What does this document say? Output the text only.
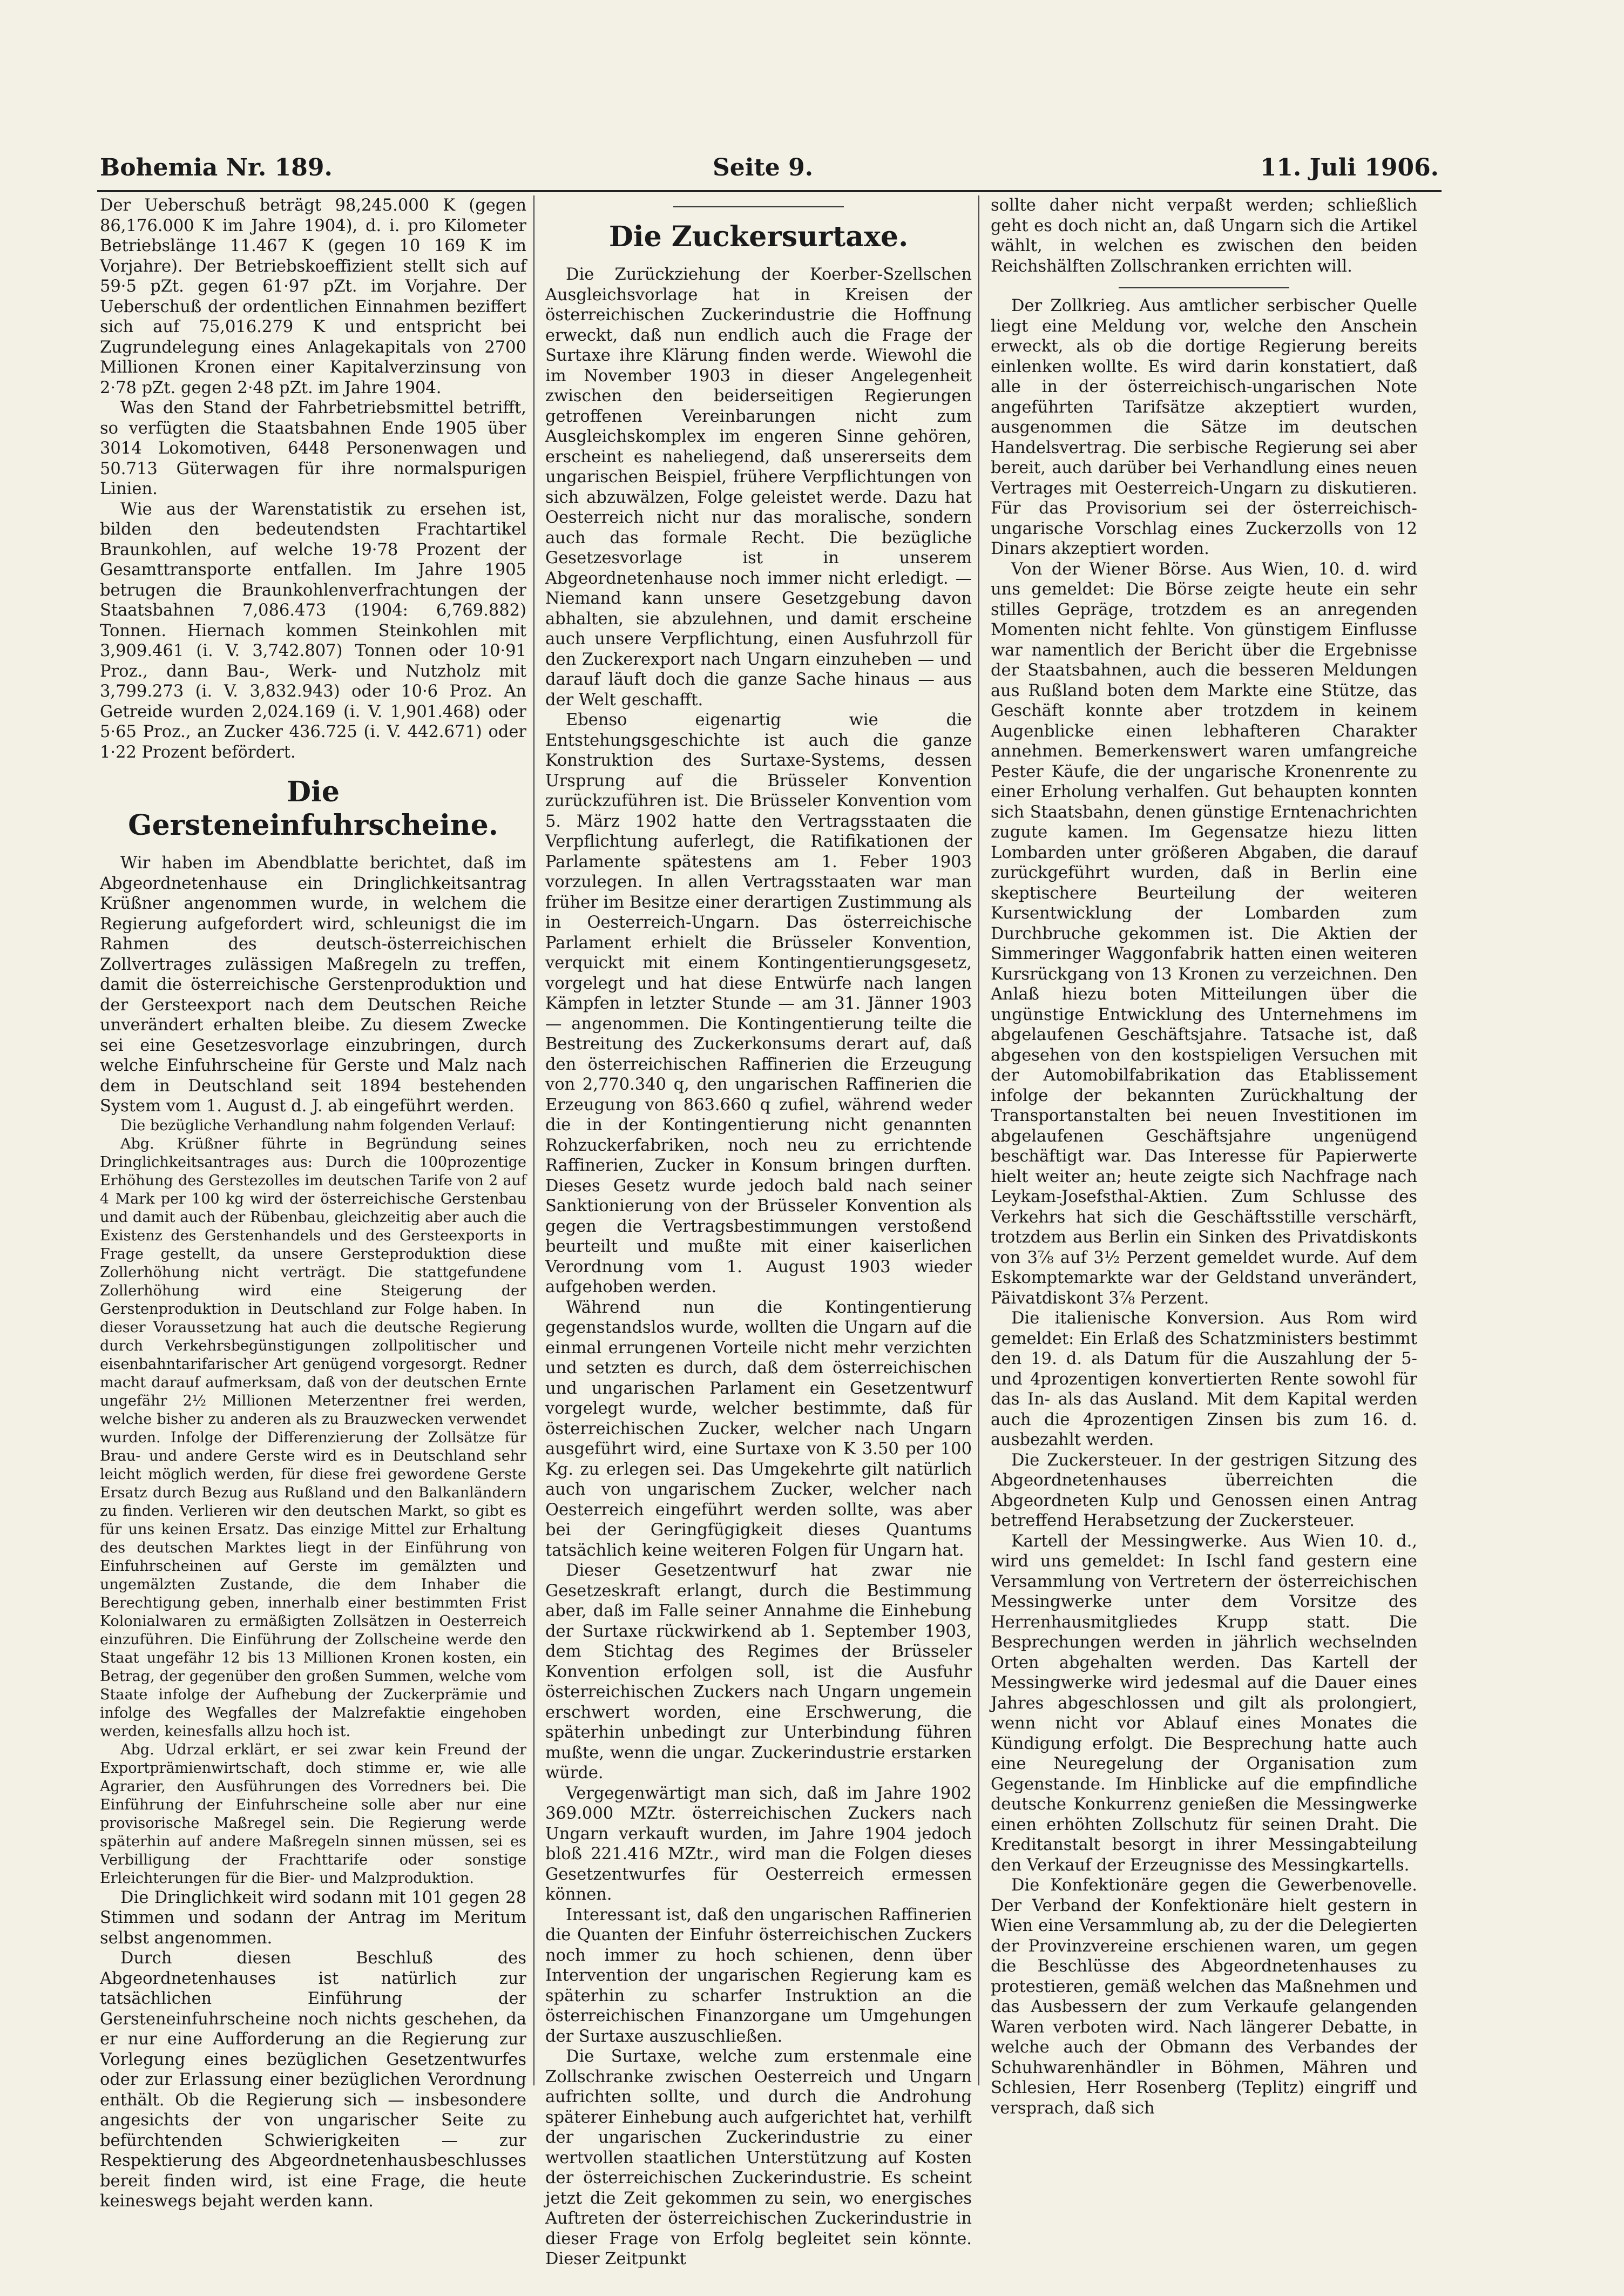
Bohemia Nr. 189.	Seite 9.	11. Juli 1906.

Der Ueberschuß beträgt 98,245.000 K (gegen 86,176.000 K im Jahre 1904), d. i. pro Kilometer Betriebslänge 11.467 K (gegen 10 169 K im Vorjahre). Der Betriebskoeffizient stellt sich auf 59·5 pZt. gegen 61·97 pZt. im Vorjahre. Der Ueberschuß der ordentlichen Einnahmen beziffert sich auf 75,016.279 K und entspricht bei Zugrundelegung eines Anlagekapitals von 2700 Millionen Kronen einer Kapitalverzinsung von 2·78 pZt. gegen 2·48 pZt. im Jahre 1904.

Was den Stand der Fahrbetriebsmittel betrifft, so verfügten die Staatsbahnen Ende 1905 über 3014 Lokomotiven, 6448 Personenwagen und 50.713 Güterwagen für ihre normalspurigen Linien.

Wie aus der Warenstatistik zu ersehen ist, bilden den bedeutendsten Frachtartikel Braunkohlen, auf welche 19·78 Prozent der Gesamttransporte entfallen. Im Jahre 1905 betrugen die Braunkohlenverfrachtungen der Staatsbahnen 7,086.473 (1904: 6,769.882) Tonnen. Hiernach kommen Steinkohlen mit 3,909.461 (i. V. 3,742.807) Tonnen oder 10·91 Proz., dann Bau-, Werk- und Nutzholz mit 3,799.273 (i. V. 3,832.943) oder 10·6 Proz. An Getreide wurden 2,024.169 (i. V. 1,901.468) oder 5·65 Proz., an Zucker 436.725 (i. V. 442.671) oder 1·22 Prozent befördert.

Die Gersteneinfuhrscheine.

Wir haben im Abendblatte berichtet, daß im Abgeordnetenhause ein Dringlichkeitsantrag Krüßner angenommen wurde, in welchem die Regierung aufgefordert wird, schleunigst die im Rahmen des deutsch-österreichischen Zollvertrages zulässigen Maßregeln zu treffen, damit die österreichische Gerstenproduktion und der Gersteexport nach dem Deutschen Reiche unverändert erhalten bleibe. Zu diesem Zwecke sei eine Gesetzesvorlage einzubringen, durch welche Einfuhrscheine für Gerste und Malz nach dem in Deutschland seit 1894 bestehenden System vom 1. August d. J. ab eingeführt werden.

Die bezügliche Verhandlung nahm folgenden Verlauf:

Abg. Krüßner führte in Begründung seines Dringlichkeitsantrages aus: Durch die 100prozentige Erhöhung des Gerstezolles im deutschen Tarife von 2 auf 4 Mark per 100 kg wird der österreichische Gerstenbau und damit auch der Rübenbau, gleichzeitig aber auch die Existenz des Gerstenhandels und des Gersteexports in Frage gestellt, da unsere Gersteproduktion diese Zollerhöhung nicht verträgt. Die stattgefundene Zollerhöhung wird eine Steigerung der Gerstenproduktion in Deutschland zur Folge haben. In dieser Voraussetzung hat auch die deutsche Regierung durch Verkehrsbegünstigungen zollpolitischer und eisenbahntarifarischer Art genügend vorgesorgt. Redner macht darauf aufmerksam, daß von der deutschen Ernte ungefähr 2½ Millionen Meterzentner frei werden, welche bisher zu anderen als zu Brauzwecken verwendet wurden. Infolge der Differenzierung der Zollsätze für Brau- und andere Gerste wird es in Deutschland sehr leicht möglich werden, für diese frei gewordene Gerste Ersatz durch Bezug aus Rußland und den Balkanländern zu finden. Verlieren wir den deutschen Markt, so gibt es für uns keinen Ersatz. Das einzige Mittel zur Erhaltung des deutschen Marktes liegt in der Einführung von Einfuhrscheinen auf Gerste im gemälzten und ungemälzten Zustande, die dem Inhaber die Berechtigung geben, innerhalb einer bestimmten Frist Kolonialwaren zu ermäßigten Zollsätzen in Oesterreich einzuführen. Die Einführung der Zollscheine werde den Staat ungefähr 12 bis 13 Millionen Kronen kosten, ein Betrag, der gegenüber den großen Summen, welche vom Staate infolge der Aufhebung der Zuckerprämie und infolge des Wegfalles der Malzrefaktie eingehoben werden, keinesfalls allzu hoch ist.

Abg. Udrzal erklärt, er sei zwar kein Freund der Exportprämienwirtschaft, doch stimme er, wie alle Agrarier, den Ausführungen des Vorredners bei. Die Einführung der Einfuhrscheine solle aber nur eine provisorische Maßregel sein. Die Regierung werde späterhin auf andere Maßregeln sinnen müssen, sei es Verbilligung der Frachttarife oder sonstige Erleichterungen für die Bier- und Malzproduktion.

Die Dringlichkeit wird sodann mit 101 gegen 28 Stimmen und sodann der Antrag im Meritum selbst angenommen.

Durch diesen Beschluß des Abgeordnetenhauses ist natürlich zur tatsächlichen Einführung der Gersteneinfuhrscheine noch nichts geschehen, da er nur eine Aufforderung an die Regierung zur Vorlegung eines bezüglichen Gesetzentwurfes oder zur Erlassung einer bezüglichen Verordnung enthält. Ob die Regierung sich — insbesondere angesichts der von ungarischer Seite zu befürchtenden Schwierigkeiten — zur Respektierung des Abgeordnetenhausbeschlusses bereit finden wird, ist eine Frage, die heute keineswegs bejaht werden kann.

Die Zuckersurtaxe.

Die Zurückziehung der Koerber-Szellschen Ausgleichsvorlage hat in Kreisen der österreichischen Zuckerindustrie die Hoffnung erweckt, daß nun endlich auch die Frage der Surtaxe ihre Klärung finden werde. Wiewohl die im November 1903 in dieser Angelegenheit zwischen den beiderseitigen Regierungen getroffenen Vereinbarungen nicht zum Ausgleichskomplex im engeren Sinne gehören, erscheint es naheliegend, daß unsererseits dem ungarischen Beispiel, frühere Verpflichtungen von sich abzuwälzen, Folge geleistet werde. Dazu hat Oesterreich nicht nur das moralische, sondern auch das formale Recht. Die bezügliche Gesetzesvorlage ist in unserem Abgeordnetenhause noch immer nicht erledigt. — Niemand kann unsere Gesetzgebung davon abhalten, sie abzulehnen, und damit erscheine auch unsere Verpflichtung, einen Ausfuhrzoll für den Zuckerexport nach Ungarn einzuheben — und darauf läuft doch die ganze Sache hinaus — aus der Welt geschafft.

Ebenso eigenartig wie die Entstehungsgeschichte ist auch die ganze Konstruktion des Surtaxe-Systems, dessen Ursprung auf die Brüsseler Konvention zurückzuführen ist. Die Brüsseler Konvention vom 5. März 1902 hatte den Vertragsstaaten die Verpflichtung auferlegt, die Ratifikationen der Parlamente spätestens am 1. Feber 1903 vorzulegen. In allen Vertragsstaaten war man früher im Besitze einer derartigen Zustimmung als in Oesterreich-Ungarn. Das österreichische Parlament erhielt die Brüsseler Konvention, verquickt mit einem Kontingentierungsgesetz, vorgelegt und hat diese Entwürfe nach langen Kämpfen in letzter Stunde — am 31. Jänner 1903 — angenommen. Die Kontingentierung teilte die Bestreitung des Zuckerkonsums derart auf, daß den österreichischen Raffinerien die Erzeugung von 2,770.340 q, den ungarischen Raffinerien die Erzeugung von 863.660 q zufiel, während weder die in der Kontingentierung nicht genannten Rohzuckerfabriken, noch neu zu errichtende Raffinerien, Zucker in Konsum bringen durften. Dieses Gesetz wurde jedoch bald nach seiner Sanktionierung von der Brüsseler Konvention als gegen die Vertragsbestimmungen verstoßend beurteilt und mußte mit einer kaiserlichen Verordnung vom 1. August 1903 wieder aufgehoben werden.

Während nun die Kontingentierung gegenstandslos wurde, wollten die Ungarn auf die einmal errungenen Vorteile nicht mehr verzichten und setzten es durch, daß dem österreichischen und ungarischen Parlament ein Gesetzentwurf vorgelegt wurde, welcher bestimmte, daß für österreichischen Zucker, welcher nach Ungarn ausgeführt wird, eine Surtaxe von K 3.50 per 100 Kg. zu erlegen sei. Das Umgekehrte gilt natürlich auch von ungarischem Zucker, welcher nach Oesterreich eingeführt werden sollte, was aber bei der Geringfügigkeit dieses Quantums tatsächlich keine weiteren Folgen für Ungarn hat.

Dieser Gesetzentwurf hat zwar nie Gesetzeskraft erlangt, durch die Bestimmung aber, daß im Falle seiner Annahme die Einhebung der Surtaxe rückwirkend ab 1. September 1903, dem Stichtag des Regimes der Brüsseler Konvention erfolgen soll, ist die Ausfuhr österreichischen Zuckers nach Ungarn ungemein erschwert worden, eine Erschwerung, die späterhin unbedingt zur Unterbindung führen mußte, wenn die ungar. Zuckerindustrie erstarken würde.

Vergegenwärtigt man sich, daß im Jahre 1902 369.000 MZtr. österreichischen Zuckers nach Ungarn verkauft wurden, im Jahre 1904 jedoch bloß 221.416 MZtr., wird man die Folgen dieses Gesetzentwurfes für Oesterreich ermessen können.

Interessant ist, daß den ungarischen Raffinerien die Quanten der Einfuhr österreichischen Zuckers noch immer zu hoch schienen, denn über Intervention der ungarischen Regierung kam es späterhin zu scharfer Instruktion an die österreichischen Finanzorgane um Umgehungen der Surtaxe auszuschließen.

Die Surtaxe, welche zum erstenmale eine Zollschranke zwischen Oesterreich und Ungarn aufrichten sollte, und durch die Androhung späterer Einhebung auch aufgerichtet hat, verhilft der ungarischen Zuckerindustrie zu einer wertvollen staatlichen Unterstützung auf Kosten der österreichischen Zuckerindustrie. Es scheint jetzt die Zeit gekommen zu sein, wo energisches Auftreten der österreichischen Zuckerindustrie in dieser Frage von Erfolg begleitet sein könnte. Dieser Zeitpunkt

sollte daher nicht verpaßt werden; schließlich geht es doch nicht an, daß Ungarn sich die Artikel wählt, in welchen es zwischen den beiden Reichshälften Zollschranken errichten will.

Der Zollkrieg. Aus amtlicher serbischer Quelle liegt eine Meldung vor, welche den Anschein erweckt, als ob die dortige Regierung bereits einlenken wollte. Es wird darin konstatiert, daß alle in der österreichisch-ungarischen Note angeführten Tarifsätze akzeptiert wurden, ausgenommen die Sätze im deutschen Handelsvertrag. Die serbische Regierung sei aber bereit, auch darüber bei Verhandlung eines neuen Vertrages mit Oesterreich-Ungarn zu diskutieren. Für das Provisorium sei der österreichisch-ungarische Vorschlag eines Zuckerzolls von 12 Dinars akzeptiert worden.

Von der Wiener Börse. Aus Wien, 10. d. wird uns gemeldet: Die Börse zeigte heute ein sehr stilles Gepräge, trotzdem es an anregenden Momenten nicht fehlte. Von günstigem Einflusse war namentlich der Bericht über die Ergebnisse der Staatsbahnen, auch die besseren Meldungen aus Rußland boten dem Markte eine Stütze, das Geschäft konnte aber trotzdem in keinem Augenblicke einen lebhafteren Charakter annehmen. Bemerkenswert waren umfangreiche Pester Käufe, die der ungarische Kronenrente zu einer Erholung verhalfen. Gut behaupten konnten sich Staatsbahn, denen günstige Erntenachrichten zugute kamen. Im Gegensatze hiezu litten Lombarden unter größeren Abgaben, die darauf zurückgeführt wurden, daß in Berlin eine skeptischere Beurteilung der weiteren Kursentwicklung der Lombarden zum Durchbruche gekommen ist. Die Aktien der Simmeringer Waggonfabrik hatten einen weiteren Kursrückgang von 13 Kronen zu verzeichnen. Den Anlaß hiezu boten Mitteilungen über die ungünstige Entwicklung des Unternehmens im abgelaufenen Geschäftsjahre. Tatsache ist, daß abgesehen von den kostspieligen Versuchen mit der Automobilfabrikation das Etablissement infolge der bekannten Zurückhaltung der Transportanstalten bei neuen Investitionen im abgelaufenen Geschäftsjahre ungenügend beschäftigt war. Das Interesse für Papierwerte hielt weiter an; heute zeigte sich Nachfrage nach Leykam-Josefsthal-Aktien. Zum Schlusse des Verkehrs hat sich die Geschäftsstille verschärft, trotzdem aus Berlin ein Sinken des Privatdiskonts von 3⅞ auf 3½ Perzent gemeldet wurde. Auf dem Eskomptemarkte war der Geldstand unverändert, Päivatdiskont 3⅞ Perzent.

Die italienische Konversion. Aus Rom wird gemeldet: Ein Erlaß des Schatzministers bestimmt den 19. d. als Datum für die Auszahlung der 5- und 4prozentigen konvertierten Rente sowohl für das In- als das Ausland. Mit dem Kapital werden auch die 4prozentigen Zinsen bis zum 16. d. ausbezahlt werden.

Die Zuckersteuer. In der gestrigen Sitzung des Abgeordnetenhauses überreichten die Abgeordneten Kulp und Genossen einen Antrag betreffend Herabsetzung der Zuckersteuer.

Kartell der Messingwerke. Aus Wien 10. d., wird uns gemeldet: In Ischl fand gestern eine Versammlung von Vertretern der österreichischen Messingwerke unter dem Vorsitze des Herrenhausmitgliedes Krupp statt. Die Besprechungen werden in jährlich wechselnden Orten abgehalten werden. Das Kartell der Messingwerke wird jedesmal auf die Dauer eines Jahres abgeschlossen und gilt als prolongiert, wenn nicht vor Ablauf eines Monates die Kündigung erfolgt. Die Besprechung hatte auch eine Neuregelung der Organisation zum Gegenstande. Im Hinblicke auf die empfindliche deutsche Konkurrenz genießen die Messingwerke einen erhöhten Zollschutz für seinen Draht. Die Kreditanstalt besorgt in ihrer Messingabteilung den Verkauf der Erzeugnisse des Messingkartells.

Die Konfektionäre gegen die Gewerbenovelle. Der Verband der Konfektionäre hielt gestern in Wien eine Versammlung ab, zu der die Delegierten der Provinzvereine erschienen waren, um gegen die Beschlüsse des Abgeordnetenhauses zu protestieren, gemäß welchen das Maßnehmen und das Ausbessern der zum Verkaufe gelangenden Waren verboten wird. Nach längerer Debatte, in welche auch der Obmann des Verbandes der Schuhwarenhändler in Böhmen, Mähren und Schlesien, Herr Rosenberg (Teplitz) eingriff und versprach, daß sich
